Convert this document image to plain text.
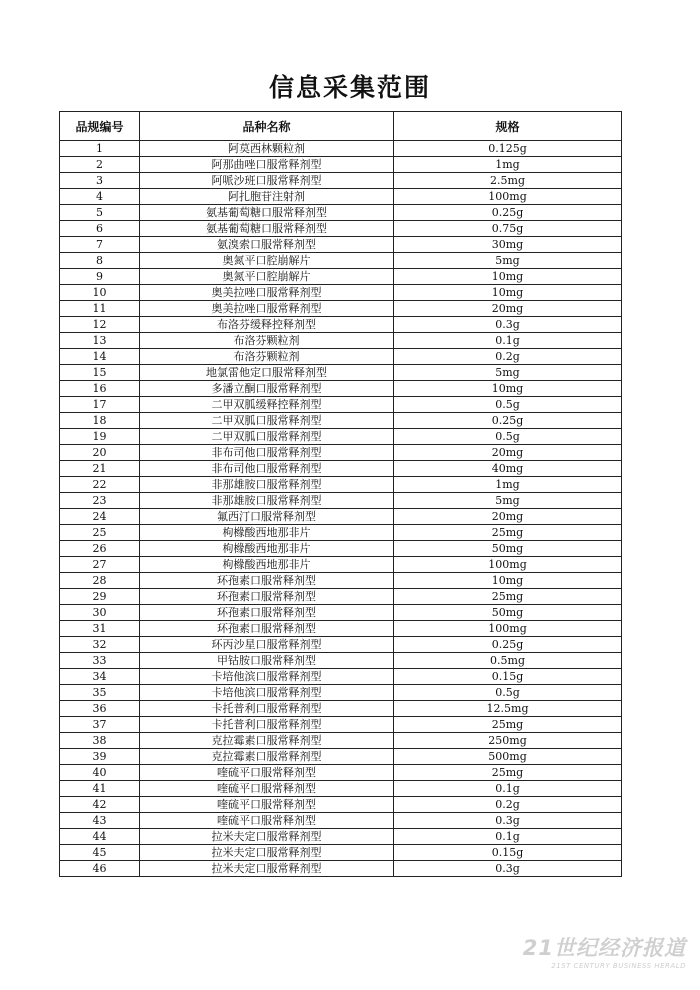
信息采集范围
品规编号	品种名称	规格
1	阿莫西林颗粒剂	0.125g
2	阿那曲唑口服常释剂型	1mg
3	阿哌沙班口服常释剂型	2.5mg
4	阿扎胞苷注射剂	100mg
5	氨基葡萄糖口服常释剂型	0.25g
6	氨基葡萄糖口服常释剂型	0.75g
7	氨溴索口服常释剂型	30mg
8	奥氮平口腔崩解片	5mg
9	奥氮平口腔崩解片	10mg
10	奥美拉唑口服常释剂型	10mg
11	奥美拉唑口服常释剂型	20mg
12	布洛芬缓释控释剂型	0.3g
13	布洛芬颗粒剂	0.1g
14	布洛芬颗粒剂	0.2g
15	地氯雷他定口服常释剂型	5mg
16	多潘立酮口服常释剂型	10mg
17	二甲双胍缓释控释剂型	0.5g
18	二甲双胍口服常释剂型	0.25g
19	二甲双胍口服常释剂型	0.5g
20	非布司他口服常释剂型	20mg
21	非布司他口服常释剂型	40mg
22	非那雄胺口服常释剂型	1mg
23	非那雄胺口服常释剂型	5mg
24	氟西汀口服常释剂型	20mg
25	枸橼酸西地那非片	25mg
26	枸橼酸西地那非片	50mg
27	枸橼酸西地那非片	100mg
28	环孢素口服常释剂型	10mg
29	环孢素口服常释剂型	25mg
30	环孢素口服常释剂型	50mg
31	环孢素口服常释剂型	100mg
32	环丙沙星口服常释剂型	0.25g
33	甲钴胺口服常释剂型	0.5mg
34	卡培他滨口服常释剂型	0.15g
35	卡培他滨口服常释剂型	0.5g
36	卡托普利口服常释剂型	12.5mg
37	卡托普利口服常释剂型	25mg
38	克拉霉素口服常释剂型	250mg
39	克拉霉素口服常释剂型	500mg
40	喹硫平口服常释剂型	25mg
41	喹硫平口服常释剂型	0.1g
42	喹硫平口服常释剂型	0.2g
43	喹硫平口服常释剂型	0.3g
44	拉米夫定口服常释剂型	0.1g
45	拉米夫定口服常释剂型	0.15g
46	拉米夫定口服常释剂型	0.3g
21世纪经济报道
21ST CENTURY BUSINESS HERALD
